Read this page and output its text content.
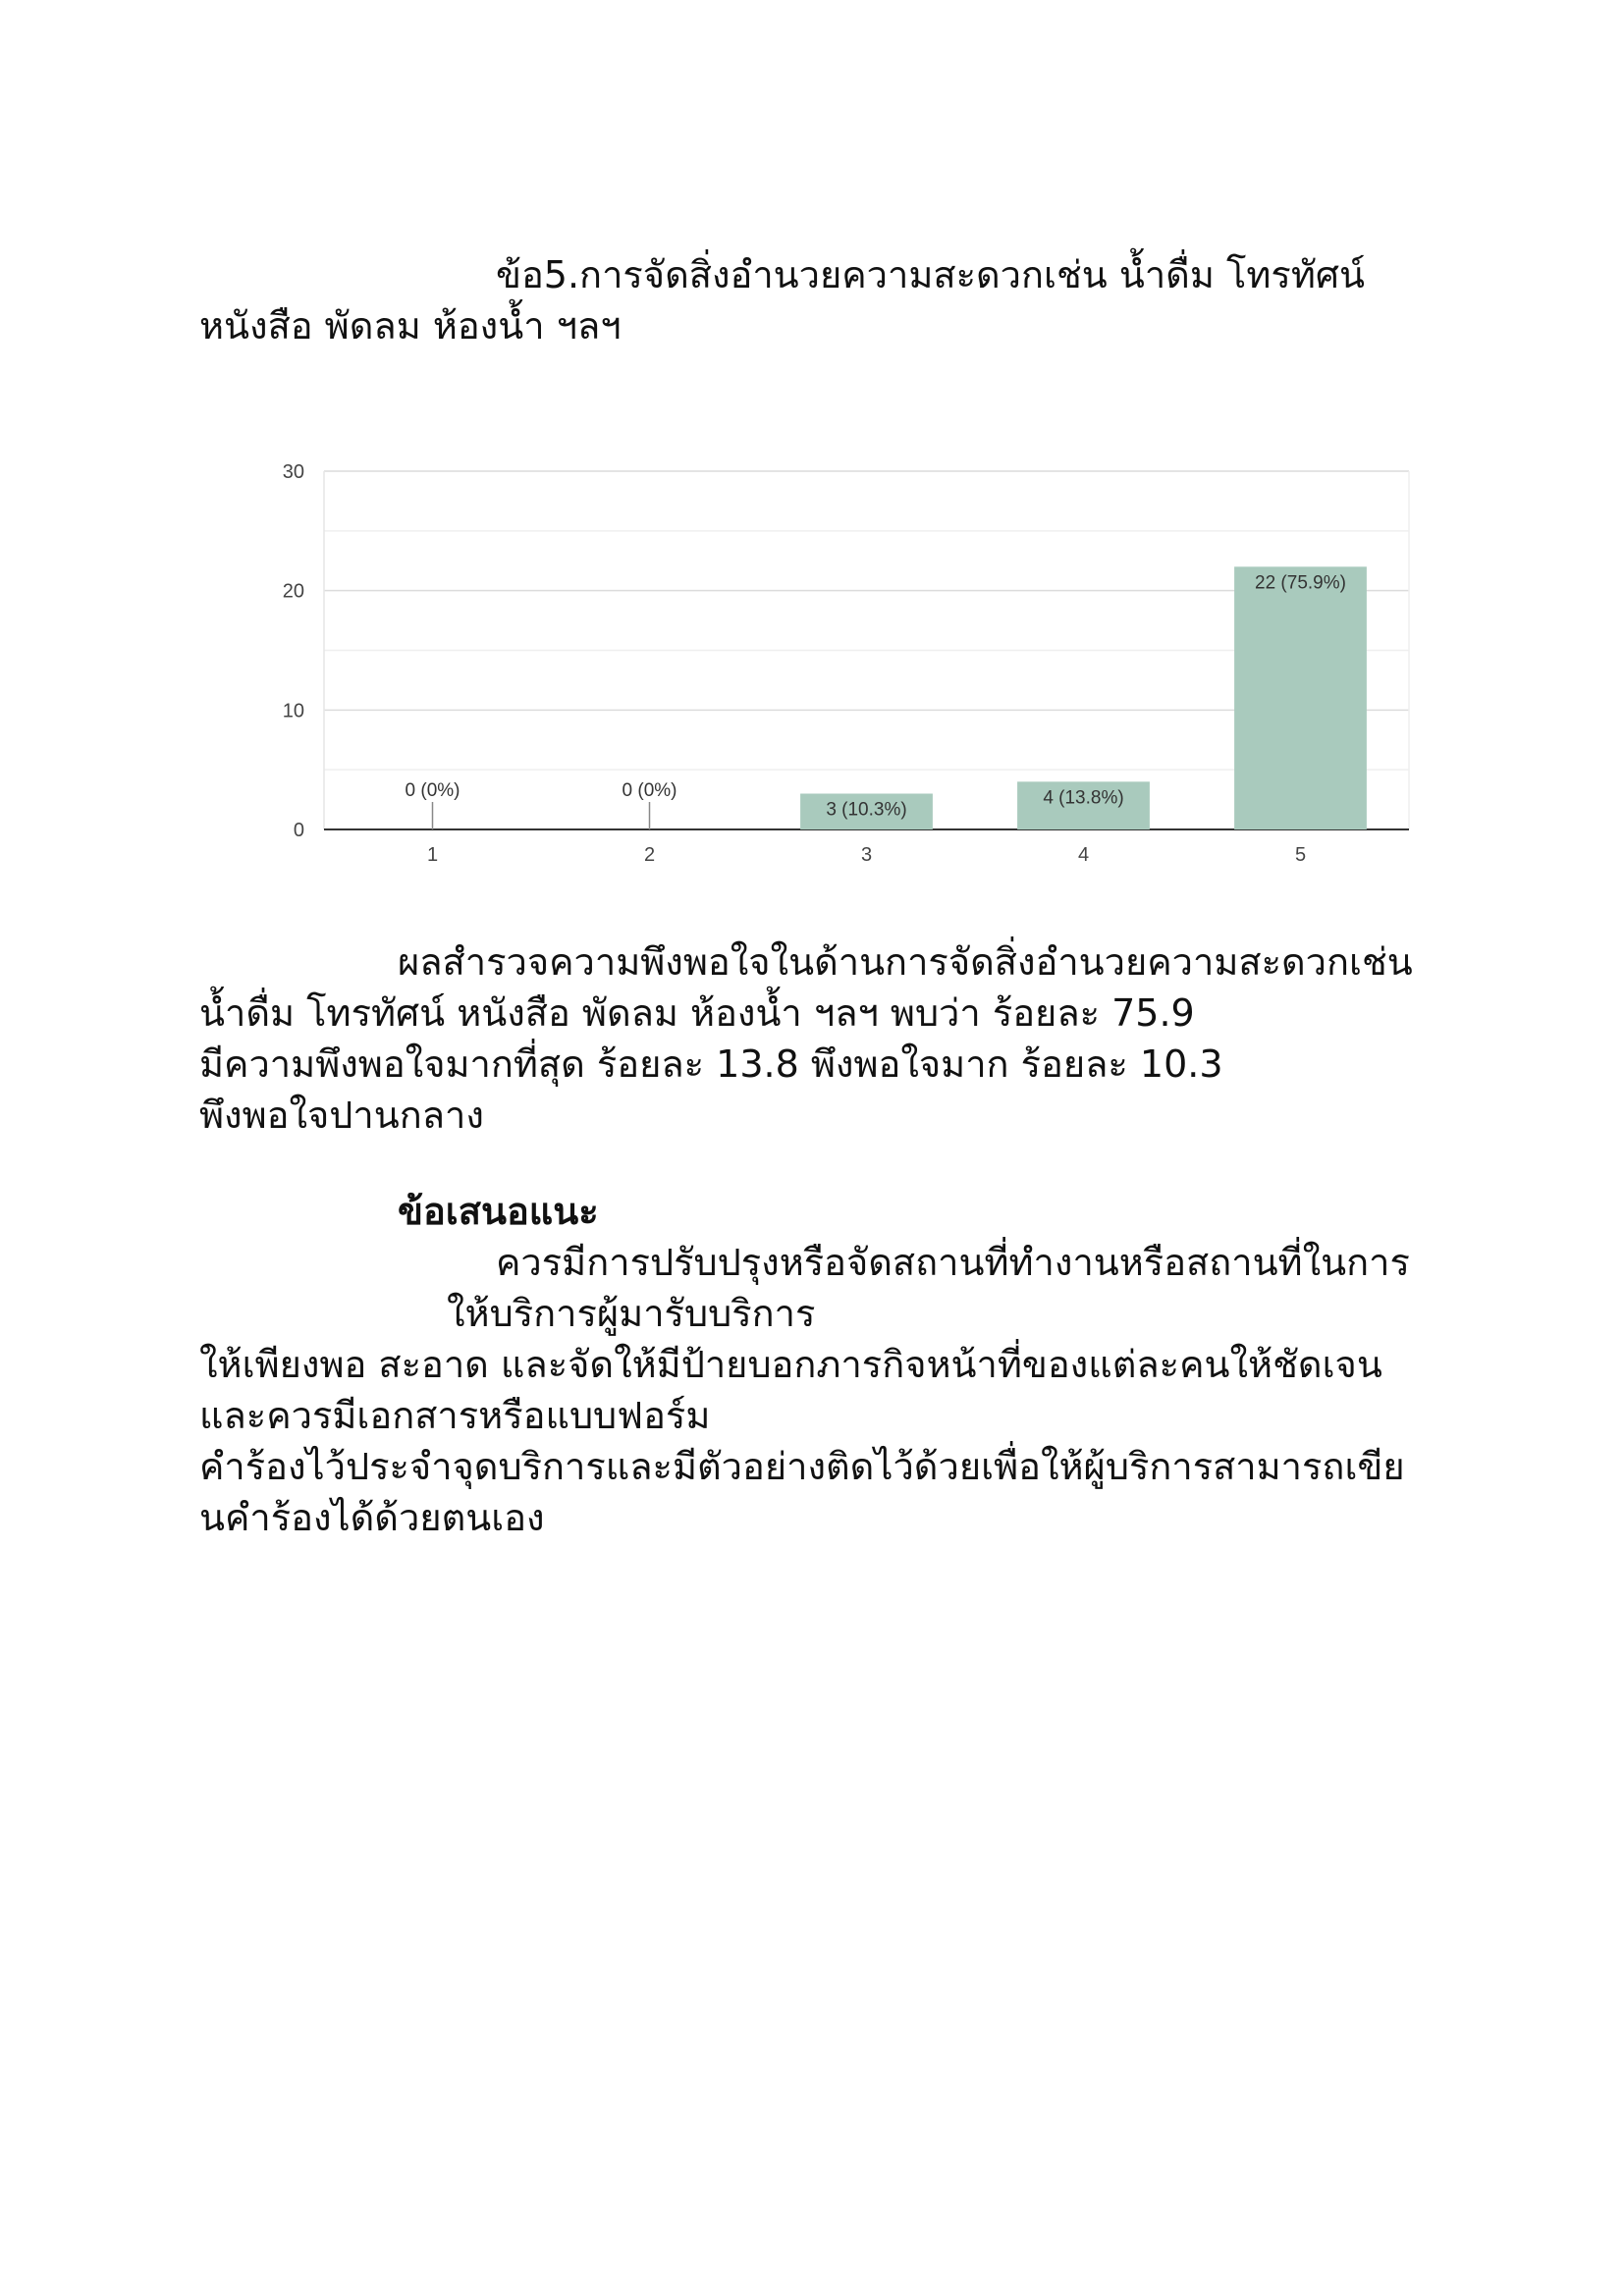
ข้อ5.การจัดสิ่งอำนวยความสะดวกเช่น น้ำดื่ม โทรทัศน์
หนังสือ พัดลม ห้องน้ำ ฯลฯ
0
10
20
30
0 (0%)
1
0 (0%)
2
3 (10.3%)
3
4 (13.8%)
4
22 (75.9%)
5
ผลสำรวจความพึงพอใจในด้านการจัดสิ่งอำนวยความสะดวกเช่น
น้ำดื่ม โทรทัศน์ หนังสือ พัดลม ห้องน้ำ ฯลฯ พบว่า ร้อยละ 75.9
มีความพึงพอใจมากที่สุด ร้อยละ 13.8 พึงพอใจมาก ร้อยละ 10.3
พึงพอใจปานกลาง
ข้อเสนอแนะ
ควรมีการปรับปรุงหรือจัดสถานที่ทำงานหรือสถานที่ในการ
ให้บริการผู้มารับบริการ
ให้เพียงพอ สะอาด และจัดให้มีป้ายบอกภารกิจหน้าที่ของแต่ละคนให้ชัดเจน
และควรมีเอกสารหรือแบบฟอร์ม
คำร้องไว้ประจำจุดบริการและมีตัวอย่างติดไว้ด้วยเพื่อให้ผู้บริการสามารถเขีย
นคำร้องได้ด้วยตนเอง
